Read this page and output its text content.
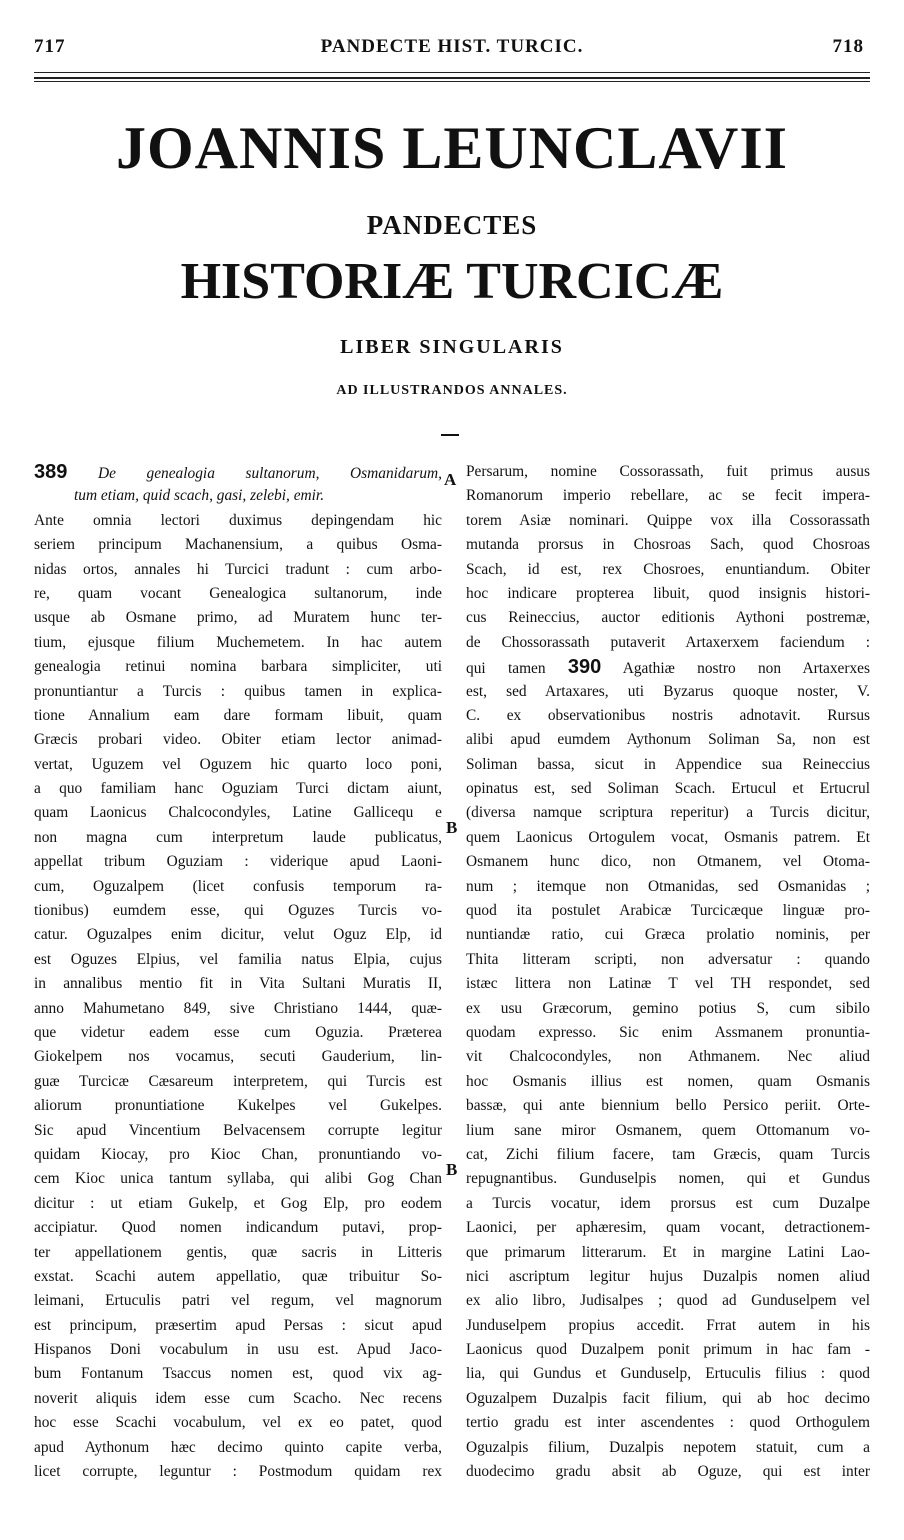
717	PANDECTE HIST. TURCIC.	718
JOANNIS LEUNCLAVII
PANDECTES
HISTORIÆ TURCICÆ
LIBER SINGULARIS
AD ILLUSTRANDOS ANNALES.
A
B
B
389 De genealogia sultanorum, Osmanidarum,
tum etiam, quid scach, gasi, zelebi, emir.
Ante omnia lectori duximus depingendam hic
seriem principum Machanensium, a quibus Osma-
nidas ortos, annales hi Turcici tradunt : cum arbo-
re, quam vocant Genealogica sultanorum, inde
usque ab Osmane primo, ad Muratem hunc ter-
tium, ejusque filium Muchemetem. In hac autem
genealogia retinui nomina barbara simpliciter, uti
pronuntiantur a Turcis : quibus tamen in explica-
tione Annalium eam dare formam libuit, quam
Græcis probari video. Obiter etiam lector animad-
vertat, Uguzem vel Oguzem hic quarto loco poni,
a quo familiam hanc Oguziam Turci dictam aiunt,
quam Laonicus Chalcocondyles, Latine Gallicequ e
non magna cum interpretum laude publicatus,
appellat tribum Oguziam : viderique apud Laoni-
cum, Oguzalpem (licet confusis temporum ra-
tionibus) eumdem esse, qui Oguzes Turcis vo-
catur. Oguzalpes enim dicitur, velut Oguz Elp, id
est Oguzes Elpius, vel familia natus Elpia, cujus
in annalibus mentio fit in Vita Sultani Muratis II,
anno Mahumetano 849, sive Christiano 1444, quæ-
que videtur eadem esse cum Oguzia. Præterea
Giokelpem nos vocamus, secuti Gauderium, lin-
guæ Turcicæ Cæsareum interpretem, qui Turcis est
aliorum pronuntiatione Kukelpes vel Gukelpes.
Sic apud Vincentium Belvacensem corrupte legitur
quidam Kiocay, pro Kioc Chan, pronuntiando vo-
cem Kioc unica tantum syllaba, qui alibi Gog Chan
dicitur : ut etiam Gukelp, et Gog Elp, pro eodem
accipiatur. Quod nomen indicandum putavi, prop-
ter appellationem gentis, quæ sacris in Litteris
exstat. Scachi autem appellatio, quæ tribuitur So-
leimani, Ertuculis patri vel regum, vel magnorum
est principum, præsertim apud Persas : sicut apud
Hispanos Doni vocabulum in usu est. Apud Jaco-
bum Fontanum Tsaccus nomen est, quod vix ag-
noverit aliquis idem esse cum Scacho. Nec recens
hoc esse Scachi vocabulum, vel ex eo patet, quod
apud Aythonum hæc decimo quinto capite verba,
licet corrupte, leguntur : Postmodum quidam rex
Persarum, nomine Cossorassath, fuit primus ausus
Romanorum imperio rebellare, ac se fecit impera-
torem Asiæ nominari. Quippe vox illa Cossorassath
mutanda prorsus in Chosroas Sach, quod Chosroas
Scach, id est, rex Chosroes, enuntiandum. Obiter
hoc indicare propterea libuit, quod insignis histori-
cus Reineccius, auctor editionis Aythoni postremæ,
de Chossorassath putaverit Artaxerxem faciendum :
qui tamen 390 Agathiæ nostro non Artaxerxes
est, sed Artaxares, uti Byzarus quoque noster, V.
C. ex observationibus nostris adnotavit. Rursus
alibi apud eumdem Aythonum Soliman Sa, non est
Soliman bassa, sicut in Appendice sua Reineccius
opinatus est, sed Soliman Scach. Ertucul et Ertucrul
(diversa namque scriptura reperitur) a Turcis dicitur,
quem Laonicus Ortogulem vocat, Osmanis patrem. Et
Osmanem hunc dico, non Otmanem, vel Otoma-
num ; itemque non Otmanidas, sed Osmanidas ;
quod ita postulet Arabicæ Turcicæque linguæ pro-
nuntiandæ ratio, cui Græca prolatio nominis, per
Thita litteram scripti, non adversatur : quando
istæc littera non Latinæ T vel TH respondet, sed
ex usu Græcorum, gemino potius S, cum sibilo
quodam expresso. Sic enim Assmanem pronuntia-
vit Chalcocondyles, non Athmanem. Nec aliud
hoc Osmanis illius est nomen, quam Osmanis
bassæ, qui ante biennium bello Persico periit. Orte-
lium sane miror Osmanem, quem Ottomanum vo-
cat, Zichi filium facere, tam Græcis, quam Turcis
repugnantibus. Gunduselpis nomen, qui et Gundus
a Turcis vocatur, idem prorsus est cum Duzalpe
Laonici, per aphæresim, quam vocant, detractionem-
que primarum litterarum. Et in margine Latini Lao-
nici ascriptum legitur hujus Duzalpis nomen aliud
ex alio libro, Judisalpes ; quod ad Gunduselpem vel
Junduselpem propius accedit. Frrat autem in his
Laonicus quod Duzalpem ponit primum in hac fam -
lia, qui Gundus et Gunduselp, Ertuculis filius : quod
Oguzalpem Duzalpis facit filium, qui ab hoc decimo
tertio gradu est inter ascendentes : quod Orthogulem
Oguzalpis filium, Duzalpis nepotem statuit, cum a
duodecimo gradu absit ab Oguze, qui est inter
